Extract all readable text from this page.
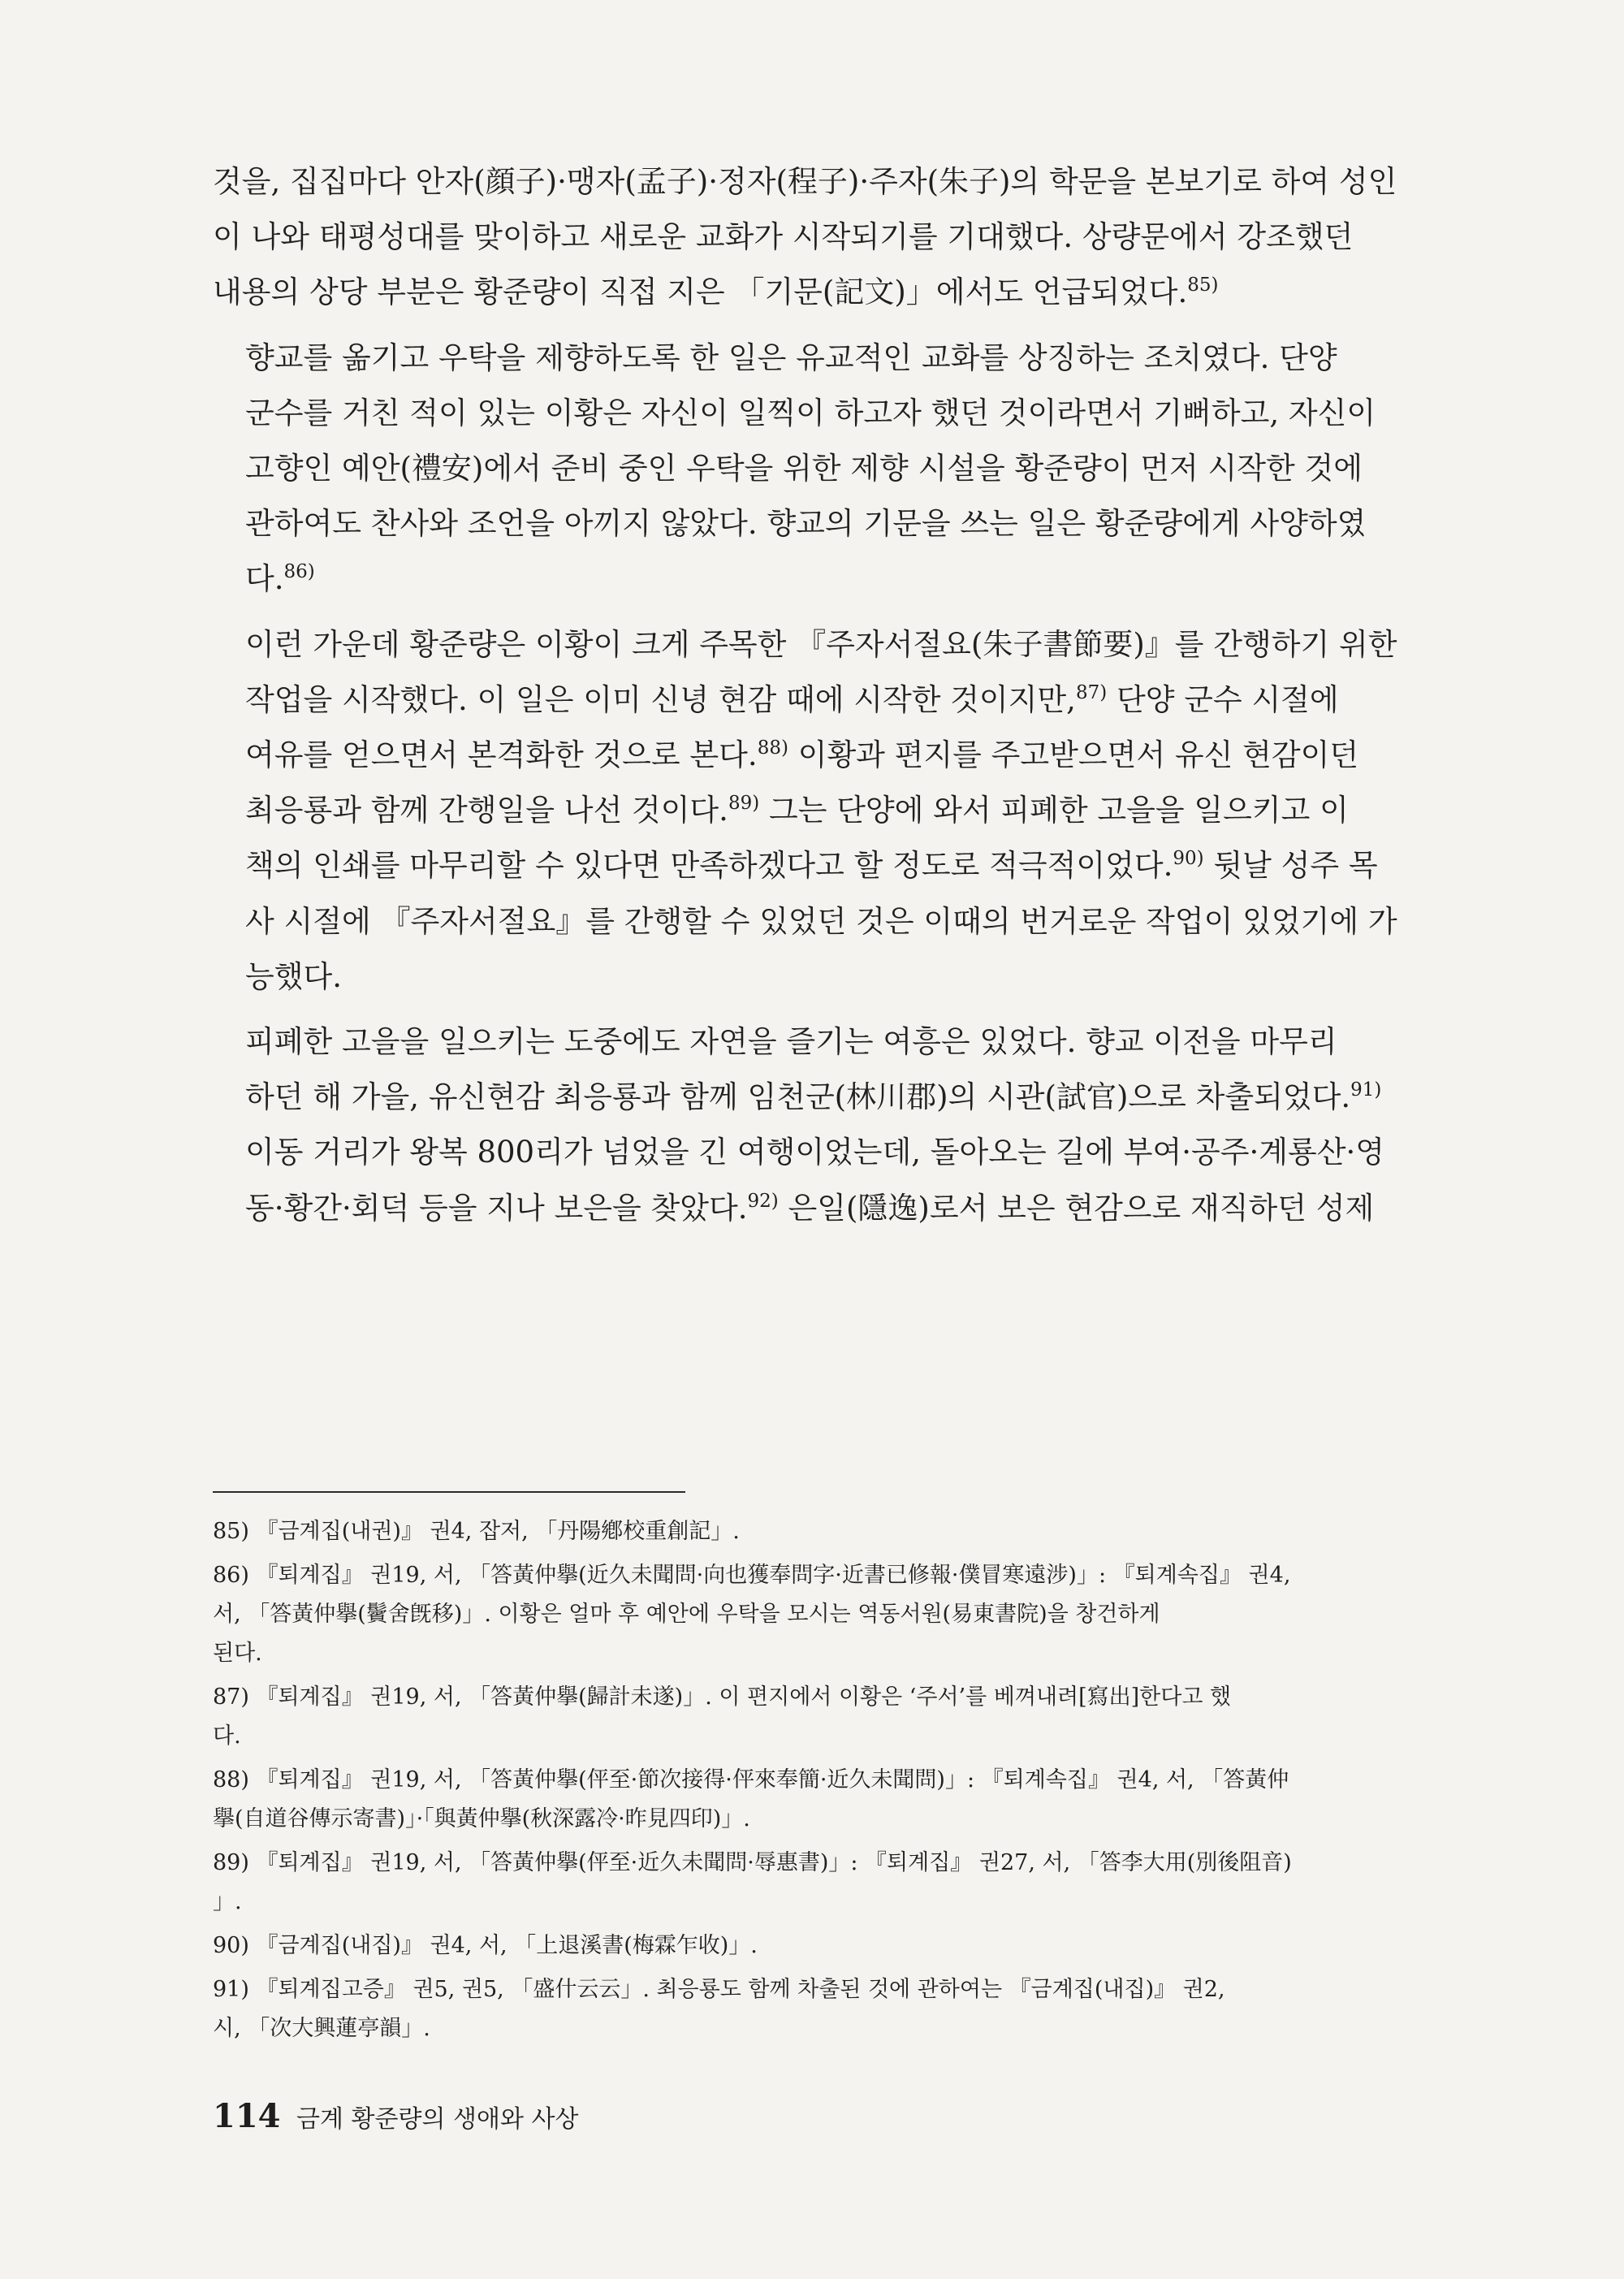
것을, 집집마다 안자(顔子)·맹자(孟子)·정자(程子)·주자(朱子)의 학문을 본보기로 하여 성인
이 나와 태평성대를 맞이하고 새로운 교화가 시작되기를 기대했다. 상량문에서 강조했던
내용의 상당 부분은 황준량이 직접 지은 「기문(記文)」에서도 언급되었다.$^{85)}$
향교를 옮기고 우탁을 제향하도록 한 일은 유교적인 교화를 상징하는 조치였다. 단양
군수를 거친 적이 있는 이황은 자신이 일찍이 하고자 했던 것이라면서 기뻐하고, 자신이
고향인 예안(禮安)에서 준비 중인 우탁을 위한 제향 시설을 황준량이 먼저 시작한 것에
관하여도 찬사와 조언을 아끼지 않았다. 향교의 기문을 쓰는 일은 황준량에게 사양하였
다.$^{86)}$
이런 가운데 황준량은 이황이 크게 주목한 『주자서절요(朱子書節要)』를 간행하기 위한
작업을 시작했다. 이 일은 이미 신녕 현감 때에 시작한 것이지만,$^{87)}$ 단양 군수 시절에
여유를 얻으면서 본격화한 것으로 본다.$^{88)}$ 이황과 편지를 주고받으면서 유신 현감이던
최응룡과 함께 간행일을 나선 것이다.$^{89)}$ 그는 단양에 와서 피폐한 고을을 일으키고 이
책의 인쇄를 마무리할 수 있다면 만족하겠다고 할 정도로 적극적이었다.$^{90)}$ 뒷날 성주 목
사 시절에 『주자서절요』를 간행할 수 있었던 것은 이때의 번거로운 작업이 있었기에 가
능했다.
피폐한 고을을 일으키는 도중에도 자연을 즐기는 여흥은 있었다. 향교 이전을 마무리
하던 해 가을, 유신현감 최응룡과 함께 임천군(林川郡)의 시관(試官)으로 차출되었다.$^{91)}$
이동 거리가 왕복 800리가 넘었을 긴 여행이었는데, 돌아오는 길에 부여·공주·계룡산·영
동·황간·회덕 등을 지나 보은을 찾았다.$^{92)}$ 은일(隱逸)로서 보은 현감으로 재직하던 성제
85) 『금계집(내권)』 권4, 잡저, 「丹陽鄕校重創記」.
86) 『퇴계집』 권19, 서, 「答黃仲擧(近久未聞問·向也獲奉問字·近書已修報·僕冒寒遠涉)」: 『퇴계속집』 권4,
서, 「答黃仲擧(鬢舍旣移)」. 이황은 얼마 후 예안에 우탁을 모시는 역동서원(易東書院)을 창건하게
된다.
87) 『퇴계집』 권19, 서, 「答黃仲擧(歸計未遂)」. 이 편지에서 이황은 ‘주서’를 베껴내려[寫出]한다고 했
다.
88) 『퇴계집』 권19, 서, 「答黃仲擧(伻至·節次接得·伻來奉簡·近久未聞問)」: 『퇴계속집』 권4, 서, 「答黃仲
擧(自道谷傳示寄書)」·「與黃仲擧(秋深露冷·昨見四印)」.
89) 『퇴계집』 권19, 서, 「答黃仲擧(伻至·近久未聞問·辱惠書)」: 『퇴계집』 권27, 서, 「答李大用(別後阻音)
」.
90) 『금계집(내집)』 권4, 서, 「上退溪書(梅霖乍收)」.
91) 『퇴계집고증』 권5, 권5, 「盛什云云」. 최응룡도 함께 차출된 것에 관하여는 『금계집(내집)』 권2,
시, 「次大興蓮亭韻」.
114 금계 황준량의 생애와 사상
